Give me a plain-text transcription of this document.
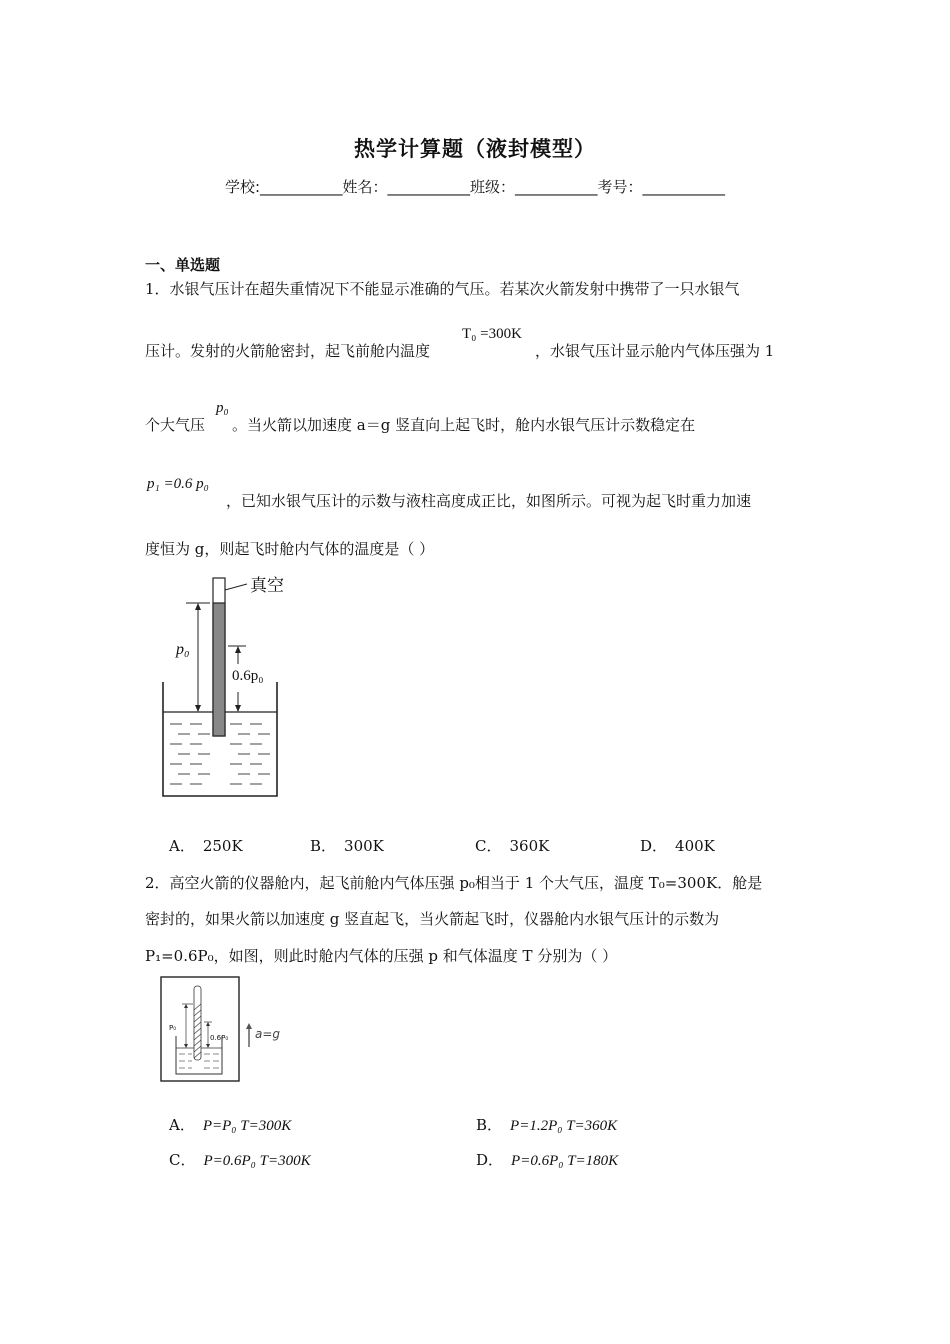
热学计算题（液封模型）
学校:___________姓名：___________班级：___________考号：___________
一、单选题
1．水银气压计在超失重情况下不能显示准确的气压。若某次火箭发射中携带了一只水银气
压计。发射的火箭舱密封，起飞前舱内温度
T₀ =300K
，水银气压计显示舱内气体压强为 1
个大气压
p₀
。当火箭以加速度 a＝g 竖直向上起飞时，舱内水银气压计示数稳定在
p₁ =0.6 p₀
，已知水银气压计的示数与液柱高度成正比，如图所示。可视为起飞时重力加速
度恒为 g，则起飞时舱内气体的温度是（ ）
真空
p₀
0.6p₀
A． 250K	B． 300K	C． 360K	D． 400K
2．高空火箭的仪器舱内，起飞前舱内气体压强 p₀相当于 1 个大气压，温度 T₀=300K．舱是
密封的，如果火箭以加速度 g 竖直起飞，当火箭起飞时，仪器舱内水银气压计的示数为
P₁=0.6P₀，如图，则此时舱内气体的压强 p 和气体温度 T 分别为（ ）
a=g
P₀
0.6P₀
A． P=P₀ T=300K	B． P=1.2P₀ T=360K
C． P=0.6P₀ T=300K	D． P=0.6P₀ T=180K
